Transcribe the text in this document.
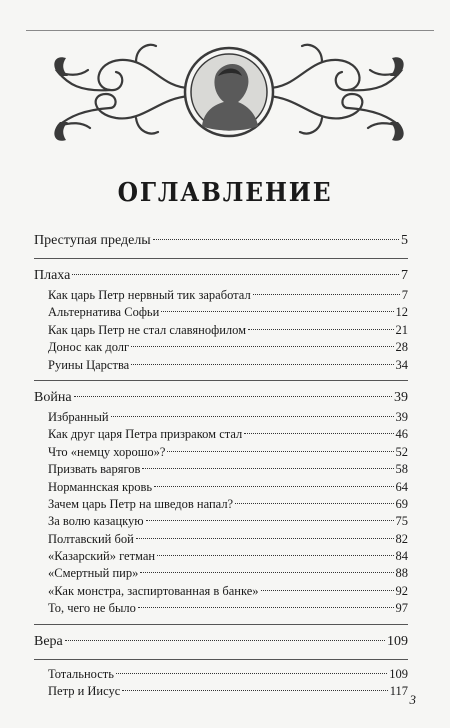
ОГЛАВЛЕНИЕ
Преступая пределы	5
Плаха	7
Как царь Петр нервный тик заработал	7
Альтернатива Софьи	12
Как царь Петр не стал славянофилом	21
Донос как долг	28
Руины Царства	34
Война	39
Избранный	39
Как друг царя Петра призраком стал	46
Что «немцу хорошо»?	52
Призвать варягов	58
Норманнская кровь	64
Зачем царь Петр на шведов напал?	69
За волю казацкую	75
Полтавский бой	82
«Казарский» гетман	84
«Смертный пир»	88
«Как монстра, заспиртованная в банке»	92
То, чего не было	97
Вера	109
Тотальность	109
Петр и Иисус	117
3
